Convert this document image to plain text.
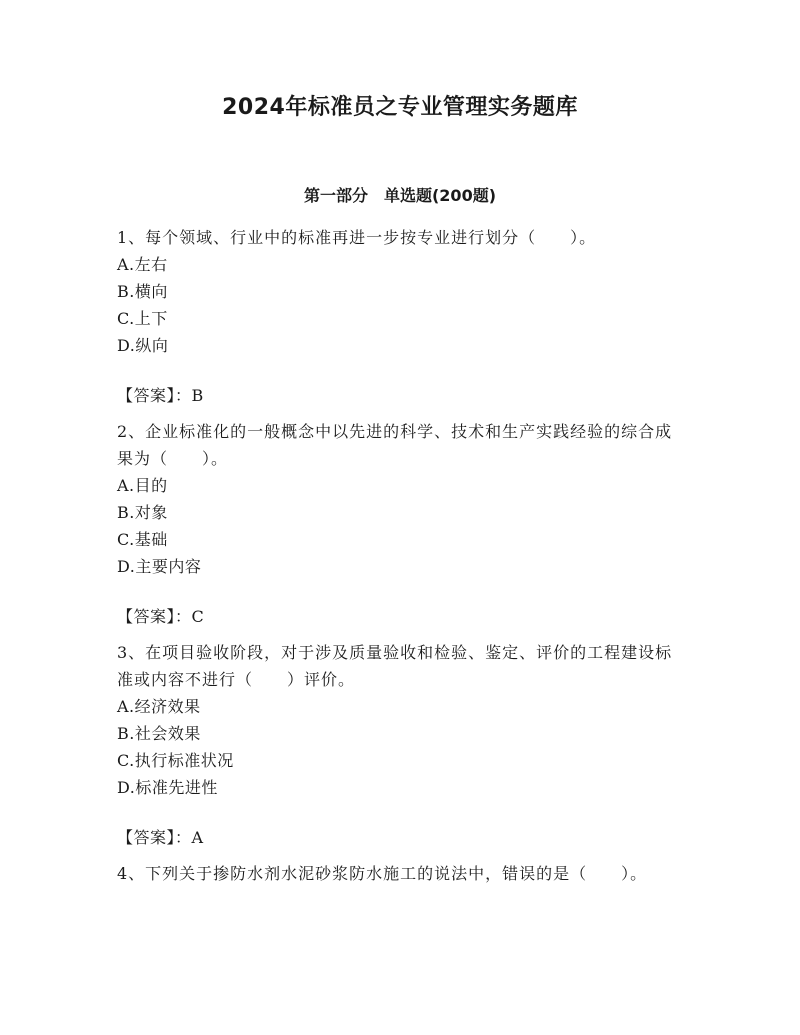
2024年标准员之专业管理实务题库
第一部分　单选题(200题)

1、每个领域、行业中的标准再进一步按专业进行划分（　　）。

A.左右
B.横向
C.上下
D.纵向

【答案】：B

2、企业标准化的一般概念中以先进的科学、技术和生产实践经验的综合成果为（　　）。

A.目的
B.对象
C.基础
D.主要内容

【答案】：C

3、在项目验收阶段，对于涉及质量验收和检验、鉴定、评价的工程建设标准或内容不进行（　　）评价。

A.经济效果
B.社会效果
C.执行标准状况
D.标准先进性

【答案】：A

4、下列关于掺防水剂水泥砂浆防水施工的说法中，错误的是（　　）。
